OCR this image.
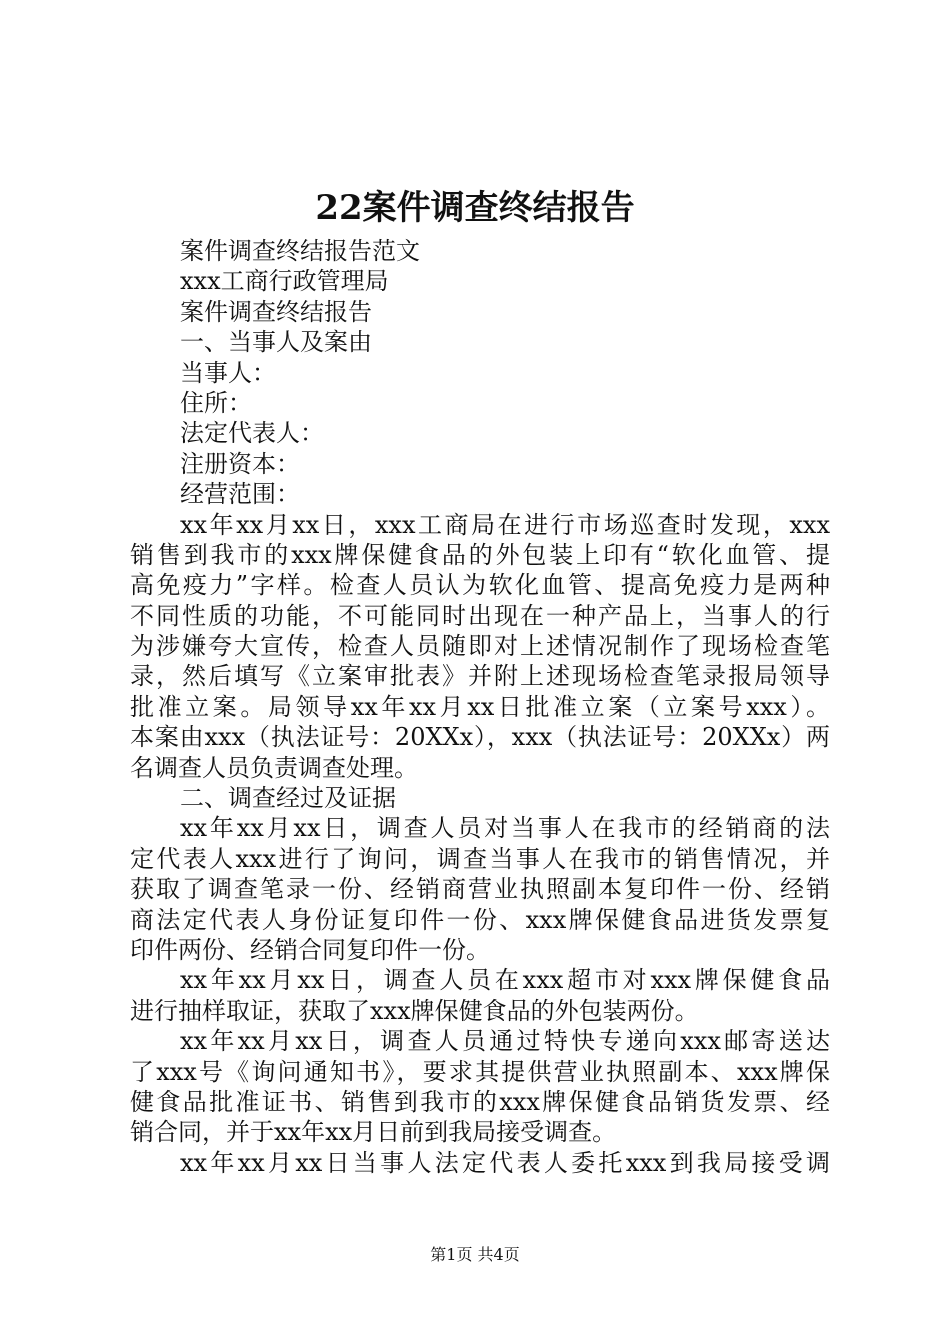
22案件调查终结报告
案件调查终结报告范文
xxx工商行政管理局
案件调查终结报告
一、当事人及案由
当事人：
住所：
法定代表人：
注册资本：
经营范围：
xx年xx月xx日，xxx工商局在进行市场巡查时发现，xxx
销售到我市的xxx牌保健食品的外包装上印有“软化血管、提
高免疫力”字样。检查人员认为软化血管、提高免疫力是两种
不同性质的功能，不可能同时出现在一种产品上，当事人的行
为涉嫌夸大宣传，检查人员随即对上述情况制作了现场检查笔
录，然后填写《立案审批表》并附上述现场检查笔录报局领导
批准立案。局领导xx年xx月xx日批准立案（立案号xxx）。
本案由xxx（执法证号：20XXx），xxx（执法证号：20XXx）两
名调查人员负责调查处理。
二、调查经过及证据
xx年xx月xx日，调查人员对当事人在我市的经销商的法
定代表人xxx进行了询问，调查当事人在我市的销售情况，并
获取了调查笔录一份、经销商营业执照副本复印件一份、经销
商法定代表人身份证复印件一份、xxx牌保健食品进货发票复
印件两份、经销合同复印件一份。
xx年xx月xx日，调查人员在xxx超市对xxx牌保健食品
进行抽样取证，获取了xxx牌保健食品的外包装两份。
xx年xx月xx日，调查人员通过特快专递向xxx邮寄送达
了xxx号《询问通知书》，要求其提供营业执照副本、xxx牌保
健食品批准证书、销售到我市的xxx牌保健食品销货发票、经
销合同，并于xx年xx月日前到我局接受调查。
xx年xx月xx日当事人法定代表人委托xxx到我局接受调
第1页 共4页
